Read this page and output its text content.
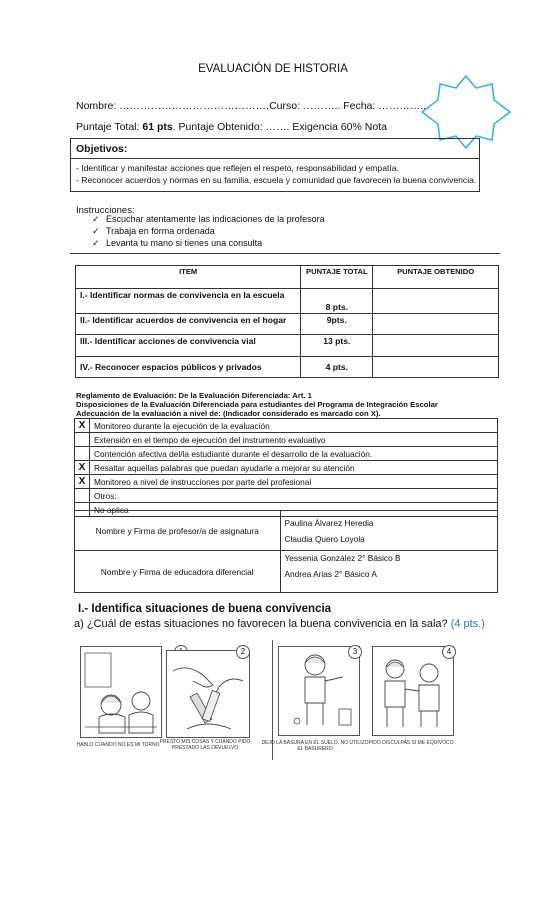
EVALUACIÓN DE HISTORIA
Nombre: …………………………………….Curso: ……….. Fecha: …………...
Puntaje Total: 61 pts. Puntaje Obtenido: ……. Exigencia 60% Nota
Objetivos:
- Identificar y manifestar acciones que reflejen el respeto, responsabilidad y empatía.
- Reconocer acuerdos y normas en su familia, escuela y comunidad que favorecen la buena convivencia.
Instrucciones:
✓ Escuchar atentamente las indicaciones de la profesora
✓ Trabaja en forma ordenada
✓ Levanta tu mano si tienes una consulta
ITEM	PUNTAJE TOTAL	PUNTAJE OBTENIDO
I.- Identificar normas de convivencia en la escuela	8 pts.	
II.- Identificar acuerdos de convivencia en el hogar	9pts.	
III.- Identificar acciones de convivencia vial	13 pts.	
IV.- Reconocer espacios públicos y privados	4 pts.	
Reglamento de Evaluación: De la Evaluación Diferenciada: Art. 1
Disposiciones de la Evaluación Diferenciada para estudiantes del Programa de Integración Escolar
Adecuación de la evaluación a nivel de: (Indicador considerado es marcado con X).
X	Monitoreo durante la ejecución de la evaluación
	Extensión en el tiempo de ejecución del instrumento evaluativo
	Contención afectiva del/la estudiante durante el desarrollo de la evaluación.
X	Resaltar aquellas palabras que puedan ayudarle a mejorar su atención
X	Monitoreo a nivel de instrucciones por parte del profesional
	Otros:
	No aplica
Nombre y Firma de profesor/a de asignatura	Paulina Álvarez Heredia
Claudia Quero Loyola

Nombre y Firma de educadora diferencial	Yessenia González 2° Básico B
Andrea Arias 2° Básico A
I.- Identifica situaciones de buena convivencia
a) ¿Cuál de estas situaciones no favorecen la buena convivencia en la sala? (4 pts.)
HABLO CUANDO NO ES MI TURNO
2
PRESTO MIS COSAS Y CUANDO PIDO PRESTADO LAS DEVUELVO
3
DEJO LA BASURA EN EL SUELO, NO UTILIZO EL BASURERO
4
PIDO DISCULPAS SI ME EQUIVOCO
